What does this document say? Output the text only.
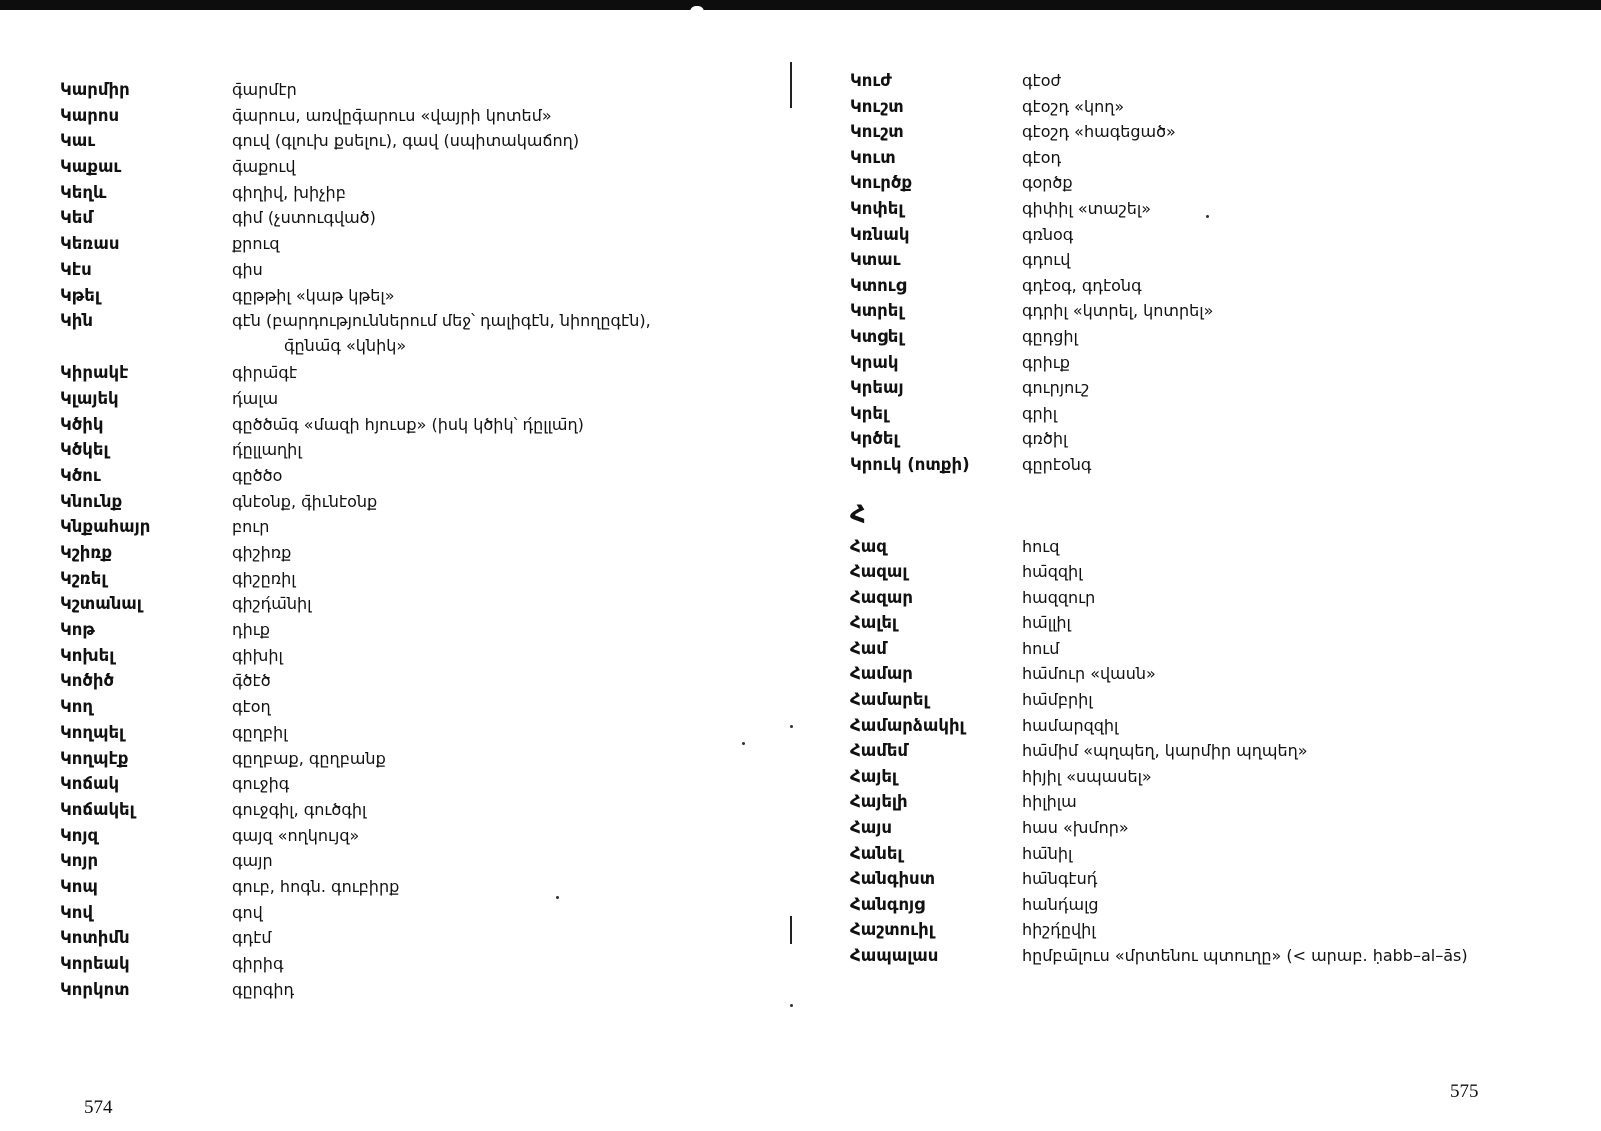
Կարմիր	գ̄արմէր
Կարոս	գ̄արուս, առվըգ̄արուս «վայրի կոտեմ»
Կաւ	գուվ (գլուխ քսելու), գավ (սպիտակաճող)
Կաքաւ	գ̄աքուվ
Կեղև	գիղիվ, խիչիբ
Կեմ	գիմ (չստուգված)
Կեռաս	քրուզ
Կէս	գիս
Կթել	գըթթիլ «կաթ կթել»
Կին	գէն (բարդություններում մեջ՝ դալիգէն, նիողըգէն),
գ̄ընա̄գ «կնիկ»
Կիրակէ	գիրա̄գէ
Կլայեկ	դ́ալա
Կծիկ	գըծծա̄գ «մազի հյուսք» (իսկ կծիկ՝ դ́ըլլա̄ղ)
Կծկել	դ́ըլլաղիլ
Կծու	գըծծօ
Կնունք	գնէօնք, գ̄իւնէօնք
Կնքահայր	բուր
Կշիռք	գիշիռք
Կշռել	գիշըռիլ
Կշտանալ	գիշդ́ա̄նիլ
Կոթ	դիւք
Կոխել	գիխիլ
Կոծիծ	գ̄ծէծ
Կող	գէօղ
Կողպել	գըղբիլ
Կողպէք	գըղբաք, գըղբանք
Կոճակ	գուջիգ
Կոճակել	գուջգիլ, գուծգիլ
Կոյզ	գայզ «ողկույզ»
Կոյր	գայր
Կոպ	գուբ, հոգն. գուբիրք
Կով	գով
Կոտիմն	գդէմ
Կորեակ	գիրիգ
Կորկոտ	գըրգիդ
Կուժ	գէօժ
Կուշտ	գէօշդ «կող»
Կուշտ	գէօշդ «հագեցած»
Կուտ	գէօդ
Կուրծք	գօրծք
Կոփել	գիփիլ «տաշել»
Կռնակ	գռնօգ
Կտաւ	գդուվ
Կտուց	գդէօգ, գդէօնգ
Կտրել	գդրիլ «կտրել, կոտրել»
Կտցել	գըդցիլ
Կրակ	գրիւք
Կրեայ	գուրյուշ
Կրել	գրիլ
Կրծել	գռծիլ
Կրուկ (ոտքի)	գըրէօնգ
Հ
Հազ	հուզ
Հազալ	հա̄զզիլ
Հազար	հազզուր
Հալել	հա̄լլիլ
Համ	հում
Համար	հա̄մուր «վասն»
Համարել	հա̄մբրիլ
Համարձակիլ	համարզզիլ
Համեմ	հա̄միմ «պղպեղ, կարմիր պղպեղ»
Հայել	հիյիլ «սպասել»
Հայելի	հիլիլա
Հայս	հաս «խմոր»
Հանել	հա̄նիլ
Հանգիստ	հա̄նգէսդ́
Հանգոյց	հանդ́ալց
Հաշտուիլ	հիշդ́ըվիլ
Հապալաս	հըմբա̄լուս «մրտենու պտուղը» (< արաբ. ḥabb–al–ās)
574
575
